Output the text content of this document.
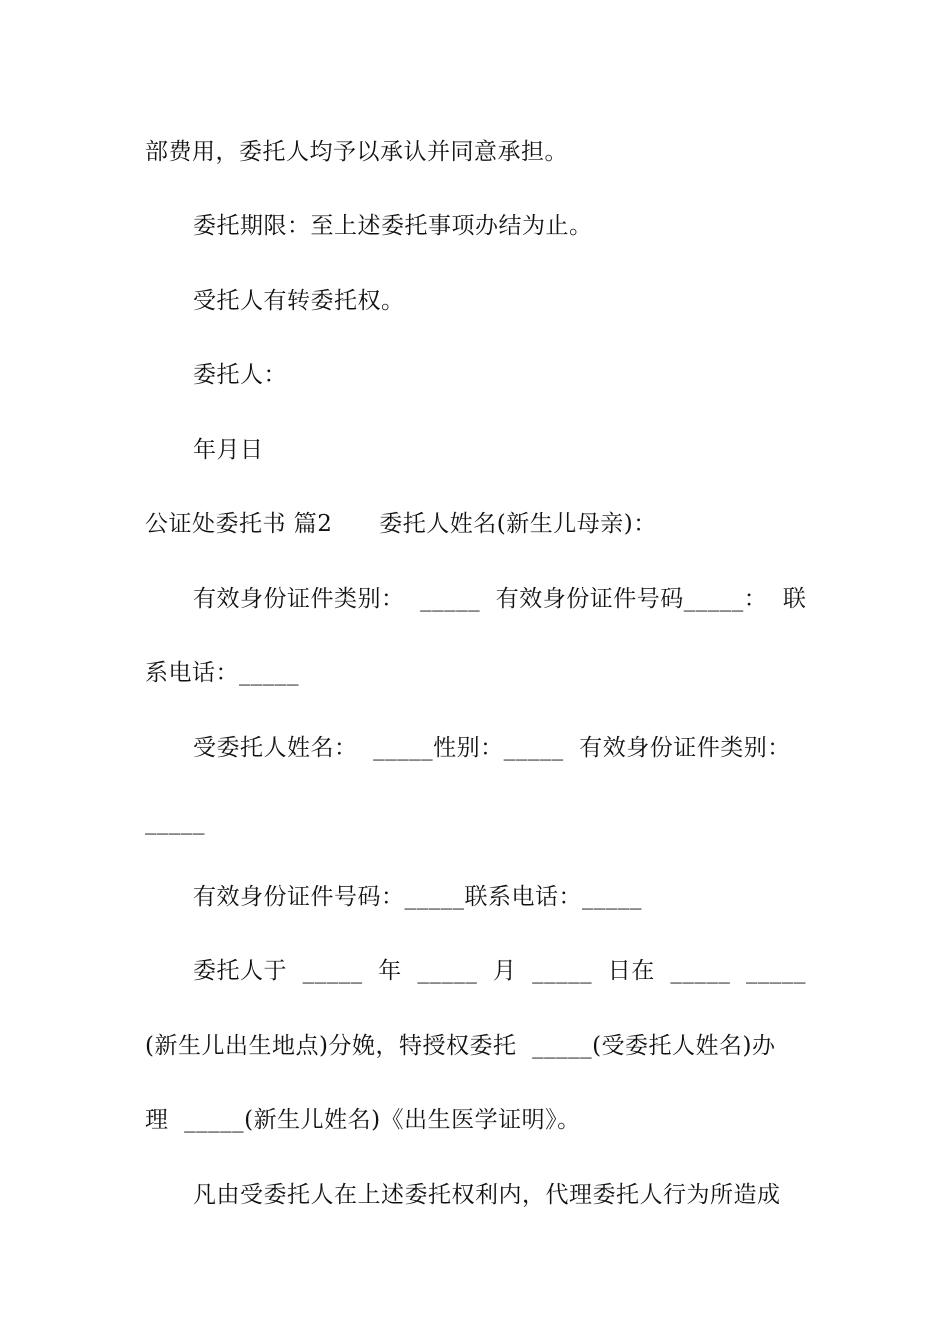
部费用，委托人均予以承认并同意承担。
委托期限：至上述委托事项办结为止。
受托人有转委托权。
委托人：
年月日
公证处委托书 篇2      委托人姓名(新生儿母亲)：
有效身份证件类别：  _____  有效身份证件号码_____：  联
系电话：_____
受委托人姓名：  _____性别：_____  有效身份证件类别：
_____
有效身份证件号码：_____联系电话：_____
委托人于  _____  年  _____  月  _____  日在  _____  _____
(新生儿出生地点)分娩，特授权委托  _____(受委托人姓名)办
理  _____(新生儿姓名)《出生医学证明》。
凡由受委托人在上述委托权利内，代理委托人行为所造成
